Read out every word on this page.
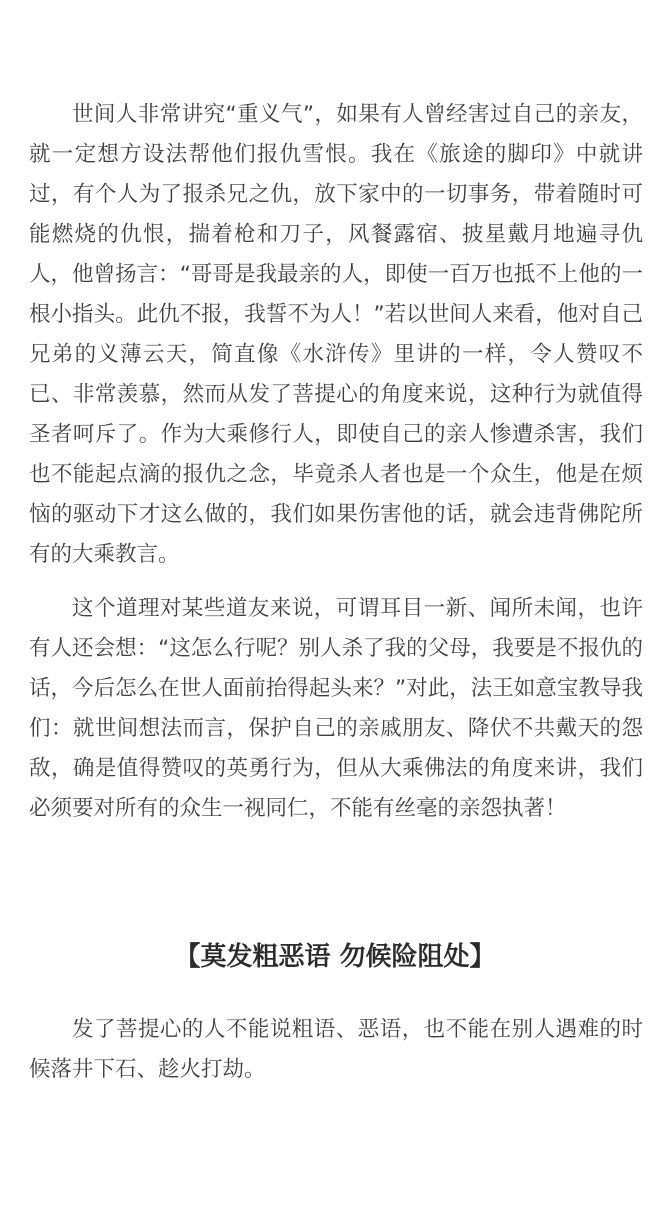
世间人非常讲究“重义气”，如果有人曾经害过自己的亲友，就一定想方设法帮他们报仇雪恨。我在《旅途的脚印》中就讲过，有个人为了报杀兄之仇，放下家中的一切事务，带着随时可能燃烧的仇恨，揣着枪和刀子，风餐露宿、披星戴月地遍寻仇人，他曾扬言：“哥哥是我最亲的人，即使一百万也抵不上他的一根小指头。此仇不报，我誓不为人！”若以世间人来看，他对自己兄弟的义薄云天，简直像《水浒传》里讲的一样，令人赞叹不已、非常羡慕，然而从发了菩提心的角度来说，这种行为就值得圣者呵斥了。作为大乘修行人，即使自己的亲人惨遭杀害，我们也不能起点滴的报仇之念，毕竟杀人者也是一个众生，他是在烦恼的驱动下才这么做的，我们如果伤害他的话，就会违背佛陀所有的大乘教言。

这个道理对某些道友来说，可谓耳目一新、闻所未闻，也许有人还会想：“这怎么行呢？别人杀了我的父母，我要是不报仇的话，今后怎么在世人面前抬得起头来？”对此，法王如意宝教导我们：就世间想法而言，保护自己的亲戚朋友、降伏不共戴天的怨敌，确是值得赞叹的英勇行为，但从大乘佛法的角度来讲，我们必须要对所有的众生一视同仁，不能有丝毫的亲怨执著！

【莫发粗恶语 勿候险阻处】

发了菩提心的人不能说粗语、恶语，也不能在别人遇难的时候落井下石、趁火打劫。
